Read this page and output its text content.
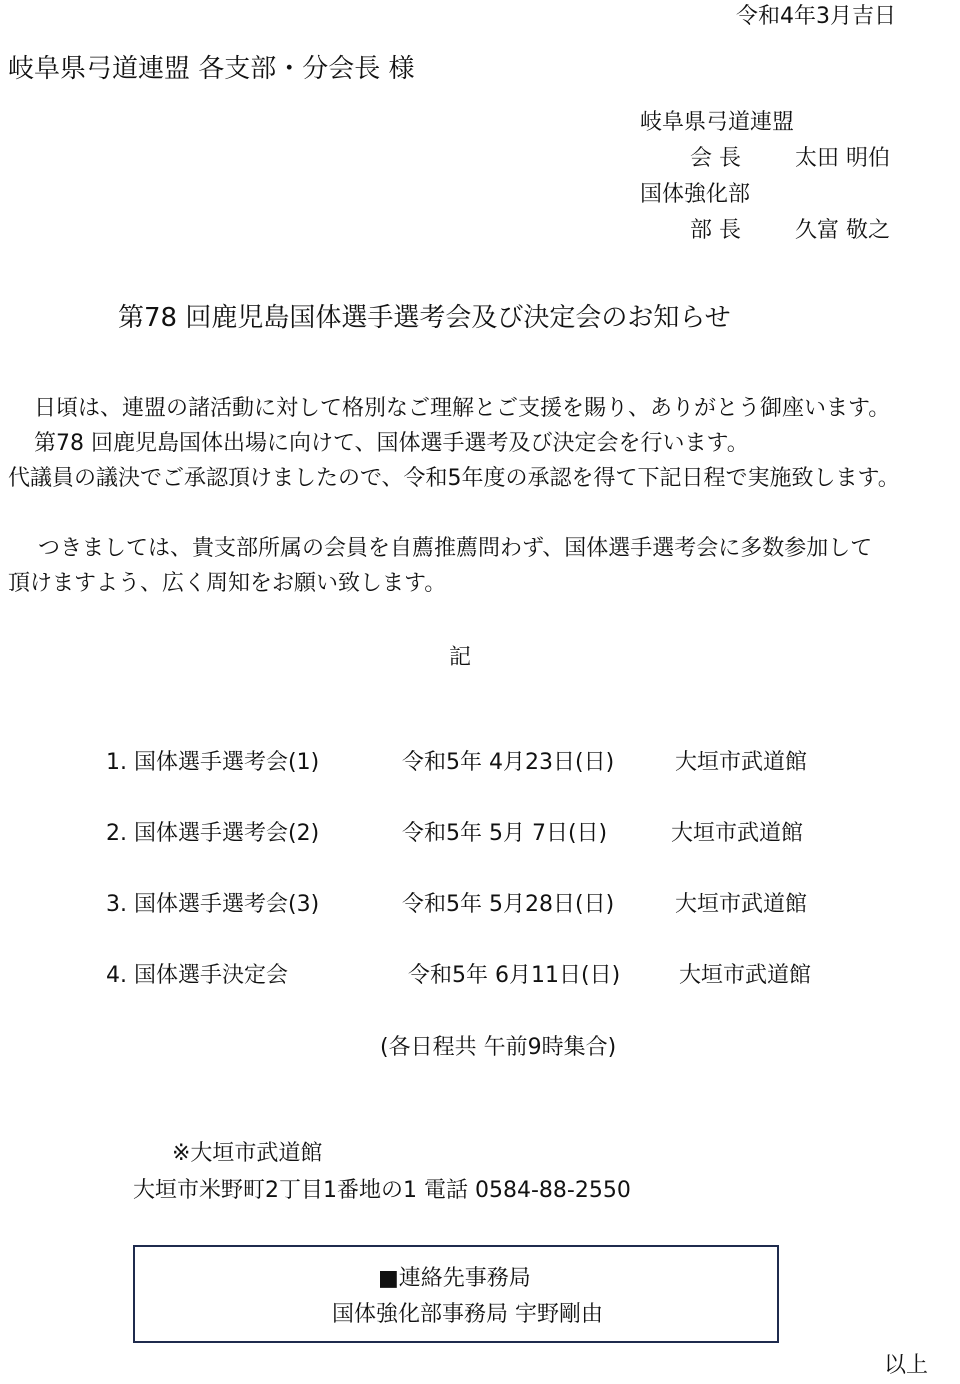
令和4年3月吉日
岐阜県弓道連盟 各支部・分会長 様
岐阜県弓道連盟
会 長 太田 明伯
国体強化部
部 長 久富 敬之
第78 回鹿児島国体選手選考会及び決定会のお知らせ
日頃は、連盟の諸活動に対して格別なご理解とご支援を賜り、ありがとう御座います。
第78 回鹿児島国体出場に向けて、国体選手選考及び決定会を行います。
代議員の議決でご承認頂けましたので、令和5年度の承認を得て下記日程で実施致します。
つきましては、貴支部所属の会員を自薦推薦問わず、国体選手選考会に多数参加して
頂けますよう、広く周知をお願い致します。
記
1. 国体選手選考会(1)	令和5年 4月23日(日)	大垣市武道館
2. 国体選手選考会(2)	令和5年 5月 7日(日)	大垣市武道館
3. 国体選手選考会(3)	令和5年 5月28日(日)	大垣市武道館
4. 国体選手決定会	令和5年 6月11日(日)	大垣市武道館
(各日程共 午前9時集合)
※大垣市武道館
大垣市米野町2丁目1番地の1 電話 0584-88-2550
■連絡先事務局
国体強化部事務局 宇野剛由
以上
